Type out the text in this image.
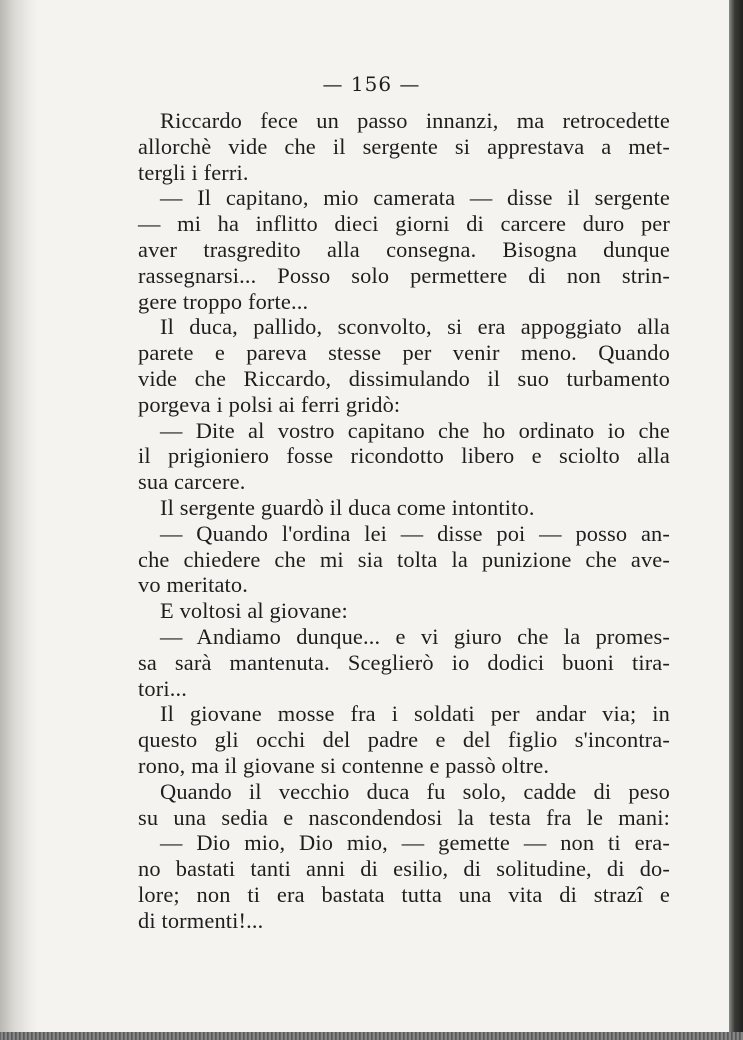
— 156 —
Riccardo fece un passo innanzi, ma retrocedette
allorchè vide che il sergente si apprestava a met-
tergli i ferri.
— Il capitano, mio camerata — disse il sergente
— mi ha inflitto dieci giorni di carcere duro per
aver trasgredito alla consegna. Bisogna dunque
rassegnarsi... Posso solo permettere di non strin-
gere troppo forte...
Il duca, pallido, sconvolto, si era appoggiato alla
parete e pareva stesse per venir meno. Quando
vide che Riccardo, dissimulando il suo turbamento
porgeva i polsi ai ferri gridò:
— Dite al vostro capitano che ho ordinato io che
il prigioniero fosse ricondotto libero e sciolto alla
sua carcere.
Il sergente guardò il duca come intontito.
— Quando l'ordina lei — disse poi — posso an-
che chiedere che mi sia tolta la punizione che ave-
vo meritato.
E voltosi al giovane:
— Andiamo dunque... e vi giuro che la promes-
sa sarà mantenuta. Sceglierò io dodici buoni tira-
tori...
Il giovane mosse fra i soldati per andar via; in
questo gli occhi del padre e del figlio s'incontra-
rono, ma il giovane si contenne e passò oltre.
Quando il vecchio duca fu solo, cadde di peso
su una sedia e nascondendosi la testa fra le mani:
— Dio mio, Dio mio, — gemette — non ti era-
no bastati tanti anni di esilio, di solitudine, di do-
lore; non ti era bastata tutta una vita di strazî e
di tormenti!...
